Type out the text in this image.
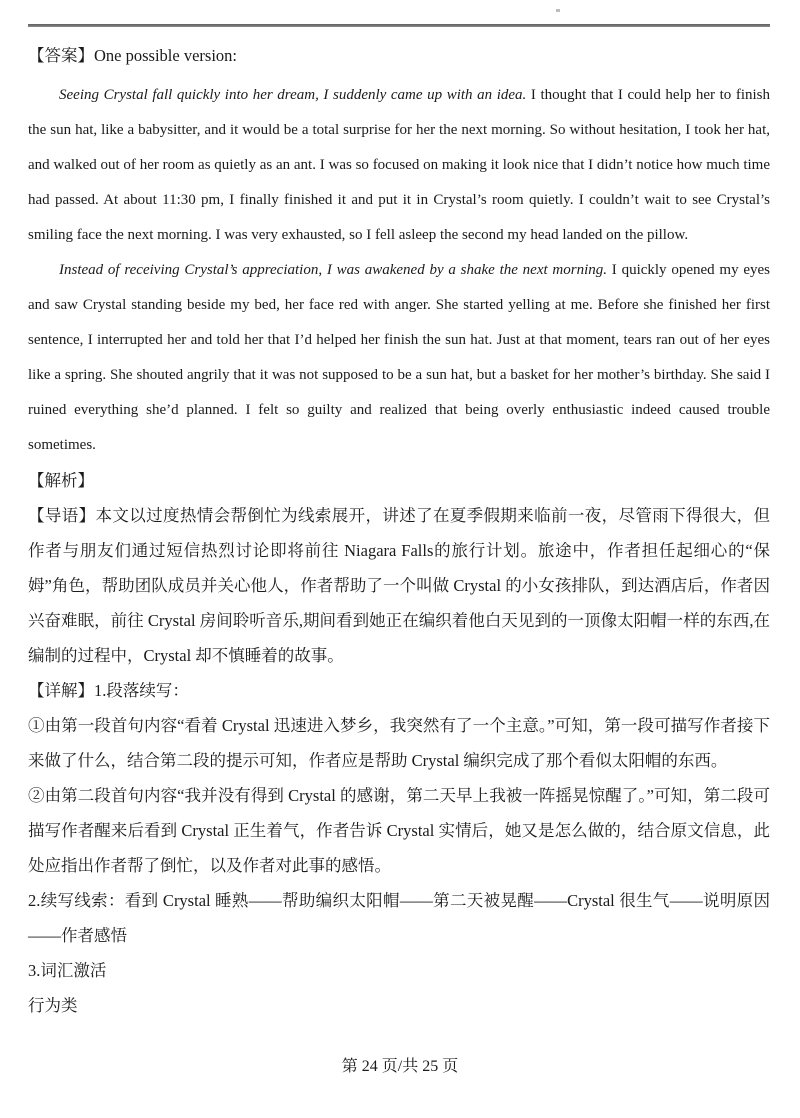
【答案】One possible version:

Seeing Crystal fall quickly into her dream, I suddenly came up with an idea. I thought that I could help her to finish the sun hat, like a babysitter, and it would be a total surprise for her the next morning. So without hesitation, I took her hat, and walked out of her room as quietly as an ant. I was so focused on making it look nice that I didn’t notice how much time had passed. At about 11:30 pm, I finally finished it and put it in Crystal’s room quietly. I couldn’t wait to see Crystal’s smiling face the next morning. I was very exhausted, so I fell asleep the second my head landed on the pillow.

Instead of receiving Crystal’s appreciation, I was awakened by a shake the next morning. I quickly opened my eyes and saw Crystal standing beside my bed, her face red with anger. She started yelling at me. Before she finished her first sentence, I interrupted her and told her that I’d helped her finish the sun hat. Just at that moment, tears ran out of her eyes like a spring. She shouted angrily that it was not supposed to be a sun hat, but a basket for her mother’s birthday. She said I ruined everything she’d planned. I felt so guilty and realized that being overly enthusiastic indeed caused trouble sometimes.

【解析】

【导语】本文以过度热情会帮倒忙为线索展开，讲述了在夏季假期来临前一夜，尽管雨下得很大，但作者与朋友们通过短信热烈讨论即将前往 Niagara Falls的旅行计划。旅途中，作者担任起细心的“保姆”角色，帮助团队成员并关心他人，作者帮助了一个叫做 Crystal 的小女孩排队，到达酒店后，作者因兴奋难眠，前往 Crystal 房间聆听音乐,期间看到她正在编织着他白天见到的一顶像太阳帽一样的东西,在编制的过程中，Crystal 却不慎睡着的故事。

【详解】1.段落续写：

①由第一段首句内容“看着 Crystal 迅速进入梦乡，我突然有了一个主意。”可知，第一段可描写作者接下来做了什么，结合第二段的提示可知，作者应是帮助 Crystal 编织完成了那个看似太阳帽的东西。

②由第二段首句内容“我并没有得到 Crystal 的感谢，第二天早上我被一阵摇晃惊醒了。”可知，第二段可描写作者醒来后看到 Crystal 正生着气，作者告诉 Crystal 实情后，她又是怎么做的，结合原文信息，此处应指出作者帮了倒忙，以及作者对此事的感悟。

2.续写线索：看到 Crystal 睡熟——帮助编织太阳帽——第二天被晃醒——Crystal 很生气——说明原因——作者感悟

3.词汇激活

行为类

第 24 页/共 25 页
